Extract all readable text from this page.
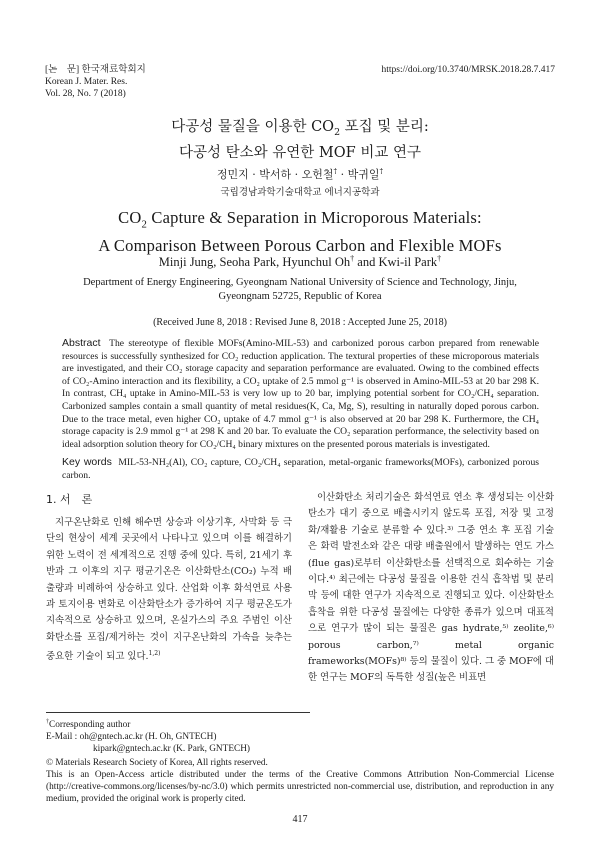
[논　문] 한국재료학회지
Korean J. Mater. Res.
Vol. 28, No. 7 (2018)
https://doi.org/10.3740/MRSK.2018.28.7.417
다공성 물질을 이용한 $CO_2$ 포집 및 분리:
다공성 탄소와 유연한 MOF 비교 연구
정민지 · 박서하 · 오헌철† · 박귀일†
국립경남과학기술대학교 에너지공학과
$CO_2$ Capture & Separation in Microporous Materials:
A Comparison Between Porous Carbon and Flexible MOFs
Minji Jung, Seoha Park, Hyunchul Oh† and Kwi-il Park†
Department of Energy Engineering, Gyeongnam National University of Science and Technology, Jinju,
Gyeongnam 52725, Republic of Korea
(Received June 8, 2018 : Revised June 8, 2018 : Accepted June 25, 2018)
Abstract The stereotype of flexible MOFs(Amino-MIL-53) and carbonized porous carbon prepared from renewable resources is successfully synthesized for CO₂ reduction application. The textural properties of these microporous materials are investigated, and their CO₂ storage capacity and separation performance are evaluated. Owing to the combined effects of CO₂-Amino interaction and its flexibility, a CO₂ uptake of 2.5 mmol g⁻¹ is observed in Amino-MIL-53 at 20 bar 298 K. In contrast, CH₄ uptake in Amino-MIL-53 is very low up to 20 bar, implying potential sorbent for CO₂/CH₄ separation. Carbonized samples contain a small quantity of metal residues(K, Ca, Mg, S), resulting in naturally doped porous carbon. Due to the trace metal, even higher CO₂ uptake of 4.7 mmol g⁻¹ is also observed at 20 bar 298 K. Furthermore, the CH₄ storage capacity is 2.9 mmol g⁻¹ at 298 K and 20 bar. To evaluate the CO₂ separation performance, the selectivity based on ideal adsorption solution theory for CO₂/CH₄ binary mixtures on the presented porous materials is investigated.
Key words MIL-53-NH₂(Al), CO₂ capture, CO₂/CH₄ separation, metal-organic frameworks(MOFs), carbonized porous carbon.
1. 서　론
지구온난화로 인해 해수면 상승과 이상기후, 사막화 등 극단의 현상이 세계 곳곳에서 나타나고 있으며 이를 해결하기 위한 노력이 전 세계적으로 진행 중에 있다. 특히, 21세기 후반과 그 이후의 지구 평균기온은 이산화탄소(CO₂) 누적 배출량과 비례하여 상승하고 있다. 산업화 이후 화석연료 사용과 토지이용 변화로 이산화탄소가 증가하여 지구 평균온도가 지속적으로 상승하고 있으며, 온실가스의 주요 주범인 이산화탄소를 포집/제거하는 것이 지구온난화의 가속을 늦추는 중요한 기술이 되고 있다.$^{1,2)}$
이산화탄소 처리기술은 화석연료 연소 후 생성되는 이산화탄소가 대기 중으로 배출시키지 않도록 포집, 저장 및 고정화/재활용 기술로 분류할 수 있다.³⁾ 그중 연소 후 포집 기술은 화력 발전소와 같은 대량 배출원에서 발생하는 연도 가스(flue gas)로부터 이산화탄소를 선택적으로 회수하는 기술이다.⁴⁾ 최근에는 다공성 물질을 이용한 건식 흡착법 및 분리막 등에 대한 연구가 지속적으로 진행되고 있다. 이산화탄소 흡착을 위한 다공성 물질에는 다양한 종류가 있으며 대표적으로 연구가 많이 되는 물질은 gas hydrate,⁵⁾ zeolite,⁶⁾ porous carbon,⁷⁾ metal organic frameworks(MOFs)⁸⁾ 등의 물질이 있다. 그 중 MOF에 대한 연구는 MOF의 독특한 성질(높은 비표면
†Corresponding author
E-Mail : oh@gntech.ac.kr (H. Oh, GNTECH)
kipark@gntech.ac.kr (K. Park, GNTECH)
© Materials Research Society of Korea, All rights reserved.
This is an Open-Access article distributed under the terms of the Creative Commons Attribution Non-Commercial License (http://creative-commons.org/licenses/by-nc/3.0) which permits unrestricted non-commercial use, distribution, and reproduction in any medium, provided the original work is properly cited.
417
